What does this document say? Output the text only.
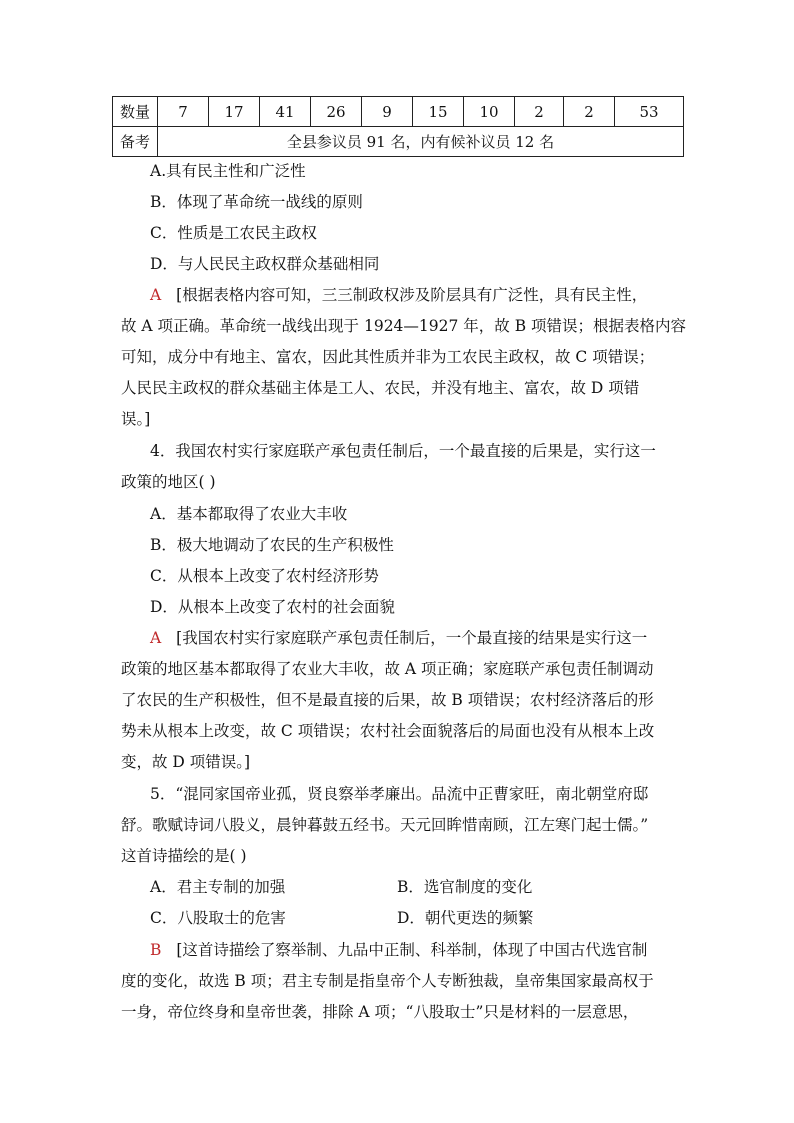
数量	7	17	41	26	9	15	10	2	2	53
备考	全县参议员 91 名，内有候补议员 12 名									
A.具有民主性和广泛性
B．体现了革命统一战线的原则
C．性质是工农民主政权
D．与人民民主政权群众基础相同
A [根据表格内容可知，三三制政权涉及阶层具有广泛性，具有民主性，
故 A 项正确。革命统一战线出现于 1924—1927 年，故 B 项错误；根据表格内容
可知，成分中有地主、富农，因此其性质并非为工农民主政权，故 C 项错误；
人民民主政权的群众基础主体是工人、农民，并没有地主、富农，故 D 项错
误。]
4．我国农村实行家庭联产承包责任制后，一个最直接的后果是，实行这一
政策的地区( )
A．基本都取得了农业大丰收
B．极大地调动了农民的生产积极性
C．从根本上改变了农村经济形势
D．从根本上改变了农村的社会面貌
A [我国农村实行家庭联产承包责任制后，一个最直接的结果是实行这一
政策的地区基本都取得了农业大丰收，故 A 项正确；家庭联产承包责任制调动
了农民的生产积极性，但不是最直接的后果，故 B 项错误；农村经济落后的形
势未从根本上改变，故 C 项错误；农村社会面貌落后的局面也没有从根本上改
变，故 D 项错误。]
5．“混同家国帝业孤，贤良察举孝廉出。品流中正曹家旺，南北朝堂府邸
舒。歌赋诗词八股义，晨钟暮鼓五经书。天元回眸惜南顾，江左寒门起士儒。”
这首诗描绘的是( )
A．君主专制的加强	B．选官制度的变化
C．八股取士的危害	D．朝代更迭的频繁
B [这首诗描绘了察举制、九品中正制、科举制，体现了中国古代选官制
度的变化，故选 B 项；君主专制是指皇帝个人专断独裁，皇帝集国家最高权于
一身，帝位终身和皇帝世袭，排除 A 项；“八股取士”只是材料的一层意思，
